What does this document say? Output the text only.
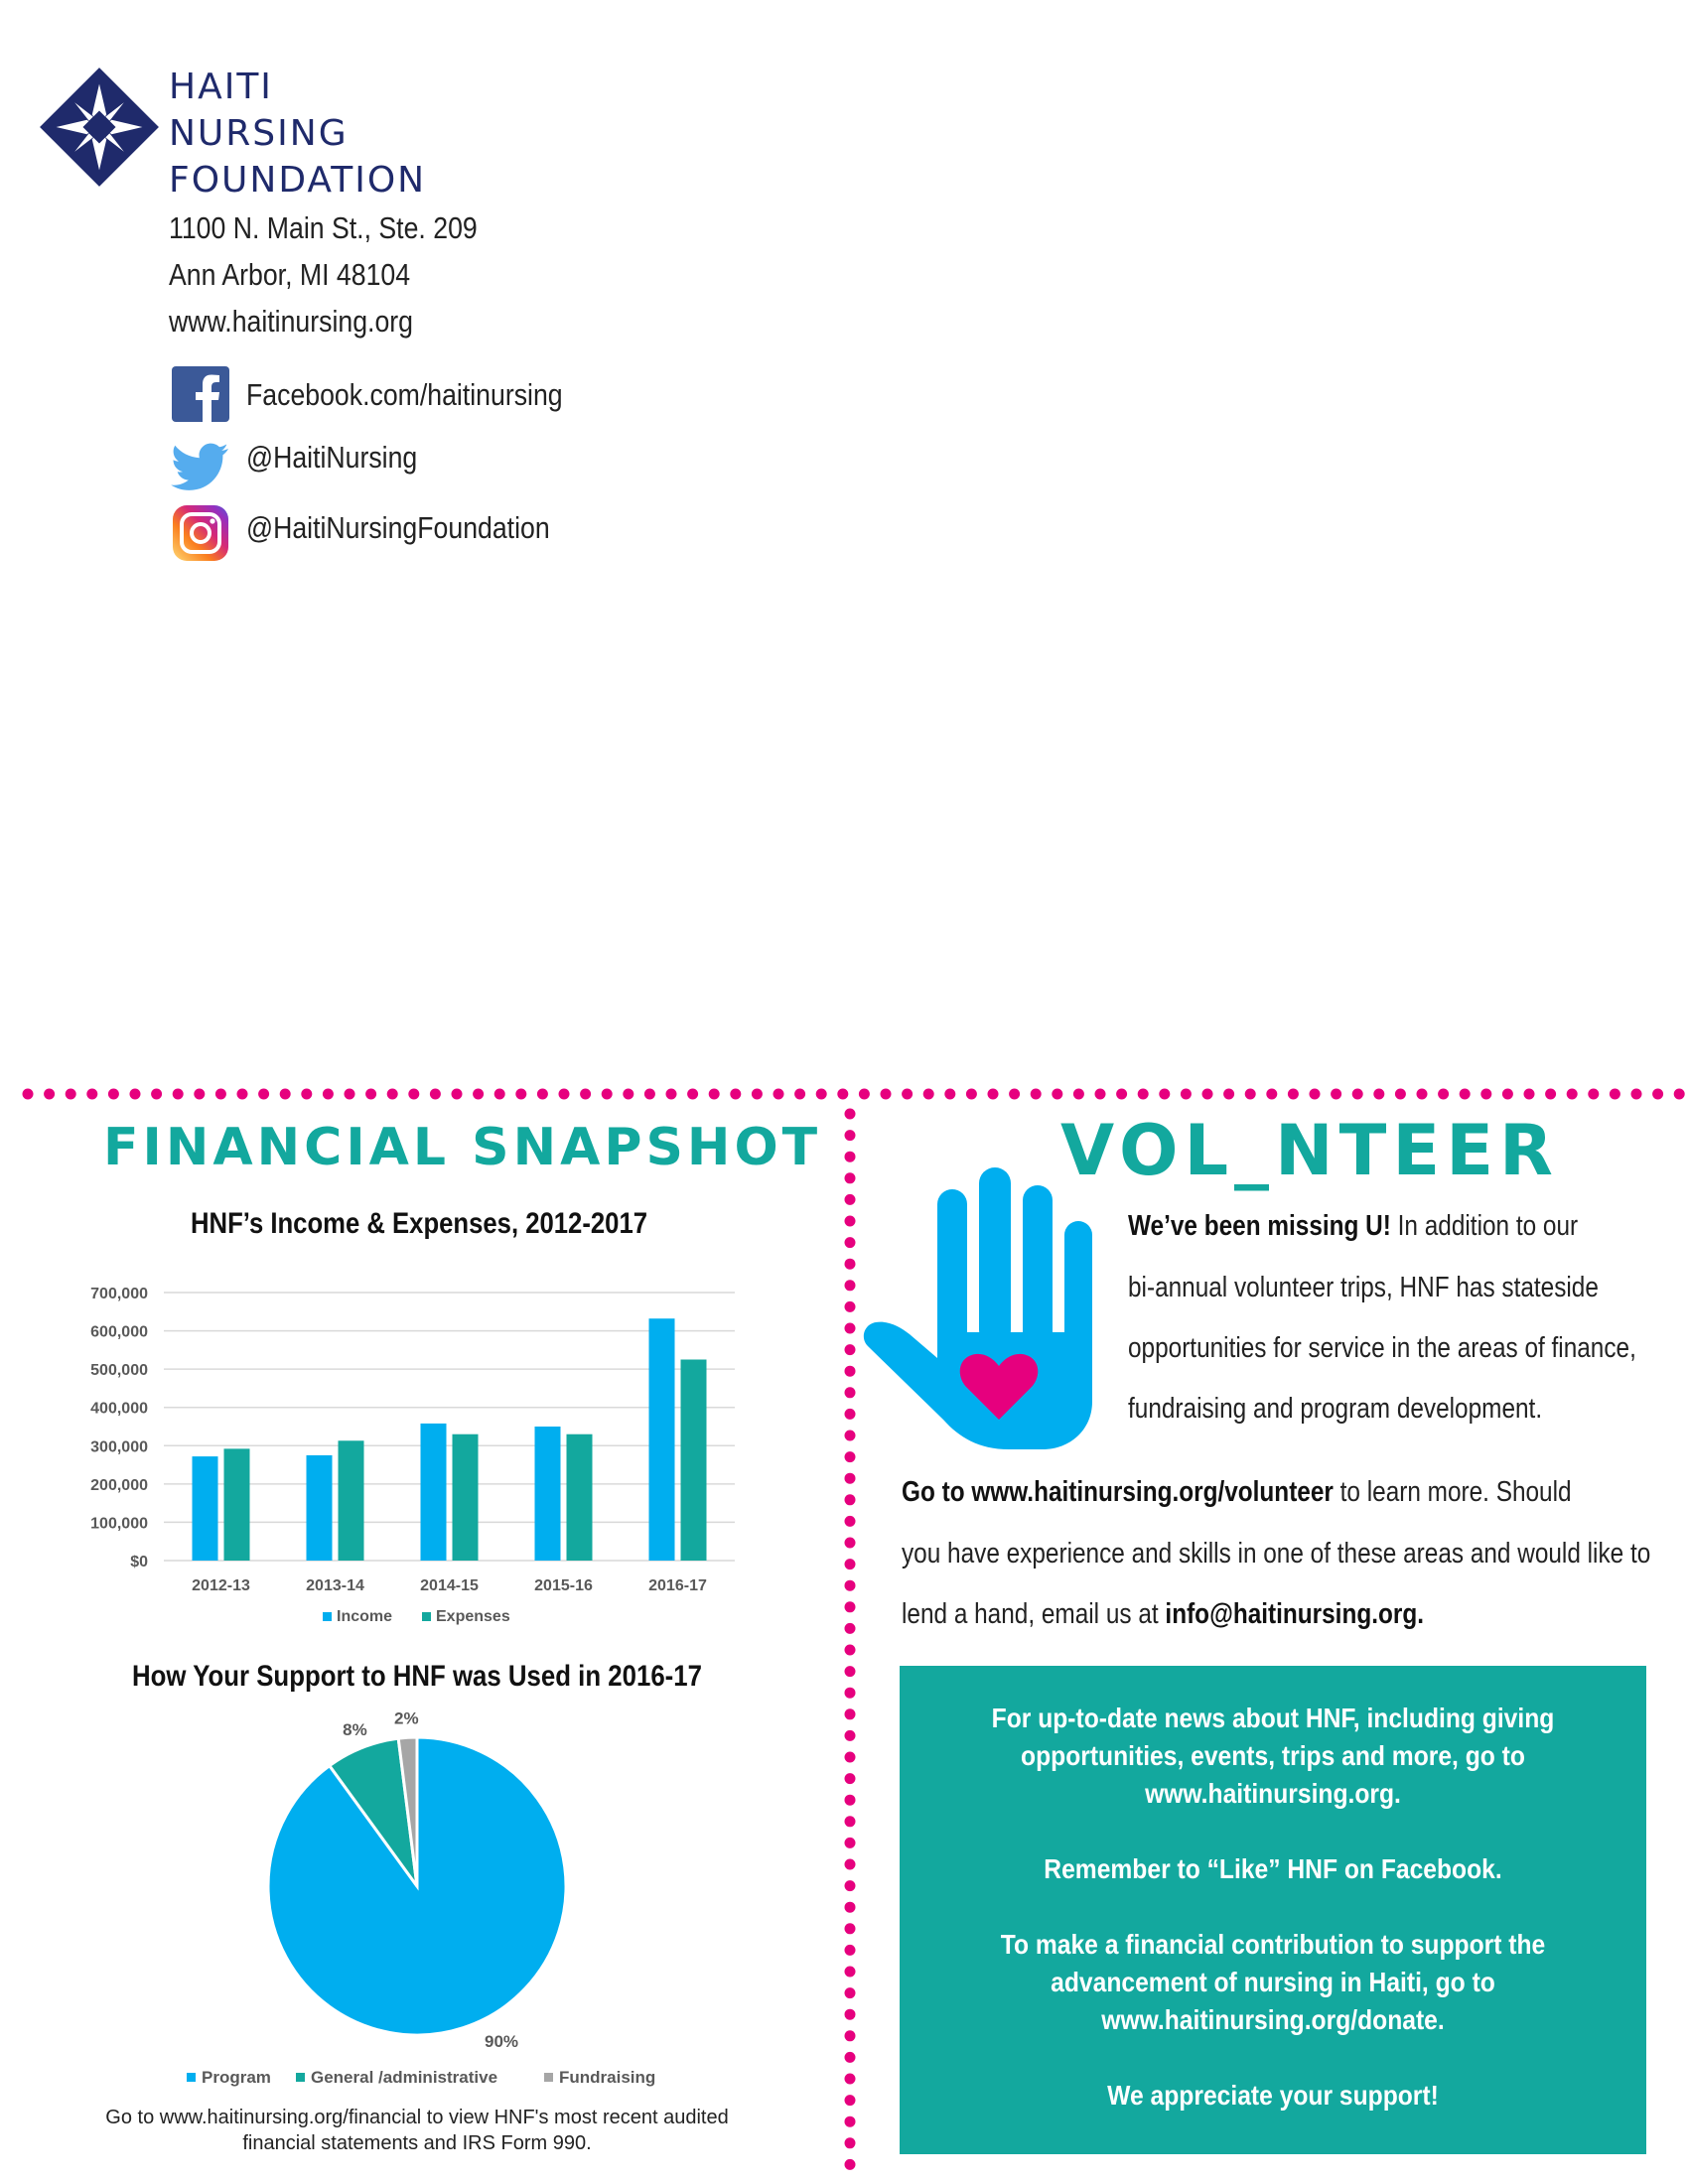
HAITI
NURSING
FOUNDATION
1100 N. Main St., Ste. 209
Ann Arbor, MI 48104
www.haitinursing.org
Facebook.com/haitinursing
@HaitiNursing
@HaitiNursingFoundation
FINANCIAL SNAPSHOT
HNF’s Income & Expenses, 2012-2017
$0
100,000
200,000
300,000
400,000
500,000
600,000
700,000
2012-13	2013-14	2014-15	2015-16	2016-17
Income	Expenses
How Your Support to HNF was Used in 2016-17
90%
8%
2%
Program General /administrative	Fundraising
Go to www.haitinursing.org/financial to view HNF's most recent audited
financial statements and IRS Form 990.
VOL_NTEER
We’ve been missing U! In addition to our
bi-annual volunteer trips, HNF has stateside
opportunities for service in the areas of finance,
fundraising and program development.
Go to www.haitinursing.org/volunteer to learn more. Should
you have experience and skills in one of these areas and would like to
lend a hand, email us at info@haitinursing.org.

For up-to-date news about HNF, including giving
opportunities, events, trips and more, go to
www.haitinursing.org.

Remember to “Like” HNF on Facebook.

To make a financial contribution to support the
advancement of nursing in Haiti, go to
www.haitinursing.org/donate.

We appreciate your support!
